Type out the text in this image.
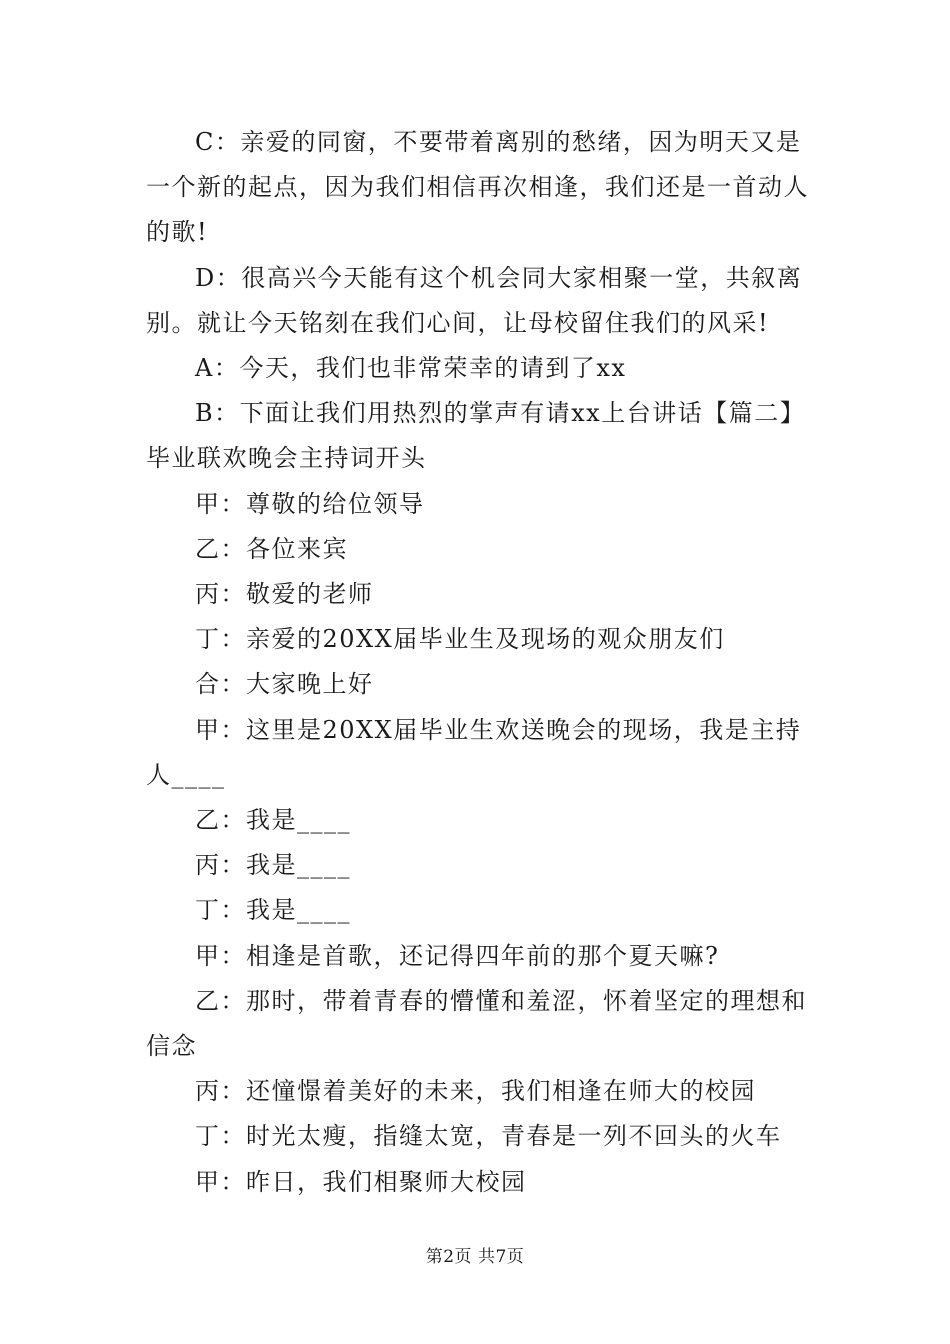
C：亲爱的同窗，不要带着离别的愁绪，因为明天又是一个新的起点，因为我们相信再次相逢，我们还是一首动人的歌!

D：很高兴今天能有这个机会同大家相聚一堂，共叙离别。就让今天铭刻在我们心间，让母校留住我们的风采!

A：今天，我们也非常荣幸的请到了xx

B：下面让我们用热烈的掌声有请xx上台讲话【篇二】毕业联欢晚会主持词开头

甲：尊敬的给位领导

乙：各位来宾

丙：敬爱的老师

丁：亲爱的20XX届毕业生及现场的观众朋友们

合：大家晚上好

甲：这里是20XX届毕业生欢送晚会的现场，我是主持人____

乙：我是____

丙：我是____

丁：我是____

甲：相逢是首歌，还记得四年前的那个夏天嘛?

乙：那时，带着青春的懵懂和羞涩，怀着坚定的理想和信念

丙：还憧憬着美好的未来，我们相逢在师大的校园

丁：时光太瘦，指缝太宽，青春是一列不回头的火车

甲：昨日，我们相聚师大校园

第2页 共7页
